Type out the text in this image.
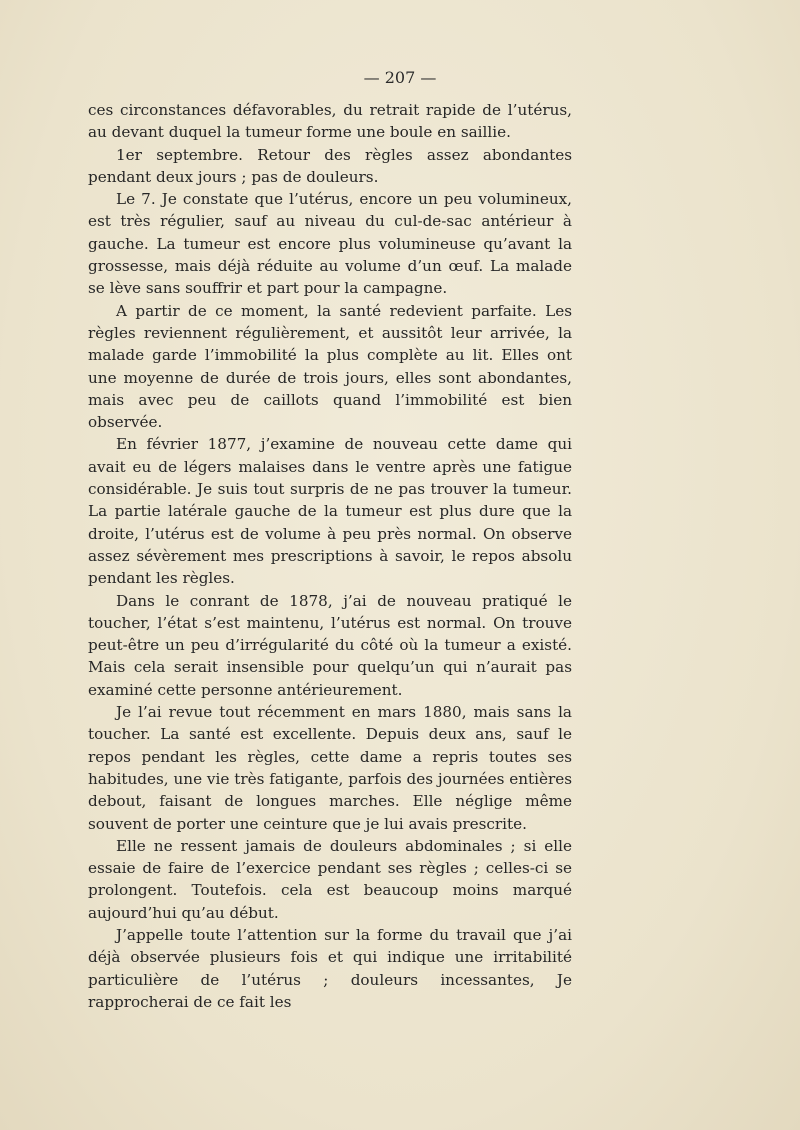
— 207 —

ces circonstances défavorables, du retrait rapide de l’utérus, au devant duquel la tumeur forme une boule en saillie.

1er septembre. Retour des règles assez abondantes pendant deux jours ; pas de douleurs.

Le 7. Je constate que l’utérus, encore un peu volumineux, est très régulier, sauf au niveau du cul-de-sac antérieur à gauche. La tumeur est encore plus volumineuse qu’avant la grossesse, mais déjà réduite au volume d’un œuf. La malade se lève sans souffrir et part pour la campagne.

A partir de ce moment, la santé redevient parfaite. Les règles reviennent régulièrement, et aussitôt leur arrivée, la malade garde l’immobilité la plus complète au lit. Elles ont une moyenne de durée de trois jours, elles sont abondantes, mais avec peu de caillots quand l’immobilité est bien observée.

En février 1877, j’examine de nouveau cette dame qui avait eu de légers malaises dans le ventre après une fatigue considérable. Je suis tout surpris de ne pas trouver la tumeur. La partie latérale gauche de la tumeur est plus dure que la droite, l’utérus est de volume à peu près normal. On observe assez sévèrement mes prescriptions à savoir, le repos absolu pendant les règles.

Dans le conrant de 1878, j’ai de nouveau pratiqué le toucher, l’état s’est maintenu, l’utérus est normal. On trouve peut-être un peu d’irrégularité du côté où la tumeur a existé. Mais cela serait insensible pour quelqu’un qui n’aurait pas examiné cette personne antérieurement.

Je l’ai revue tout récemment en mars 1880, mais sans la toucher. La santé est excellente. Depuis deux ans, sauf le repos pendant les règles, cette dame a repris toutes ses habitudes, une vie très fatigante, parfois des journées entières debout, faisant de longues marches. Elle néglige même souvent de porter une ceinture que je lui avais prescrite.

Elle ne ressent jamais de douleurs abdominales ; si elle essaie de faire de l’exercice pendant ses règles ; celles-ci se prolongent. Toutefois. cela est beaucoup moins marqué aujourd’hui qu’au début.

J’appelle toute l’attention sur la forme du travail que j’ai déjà observée plusieurs fois et qui indique une irritabilité particulière de l’utérus ; douleurs incessantes, Je rapprocherai de ce fait les
